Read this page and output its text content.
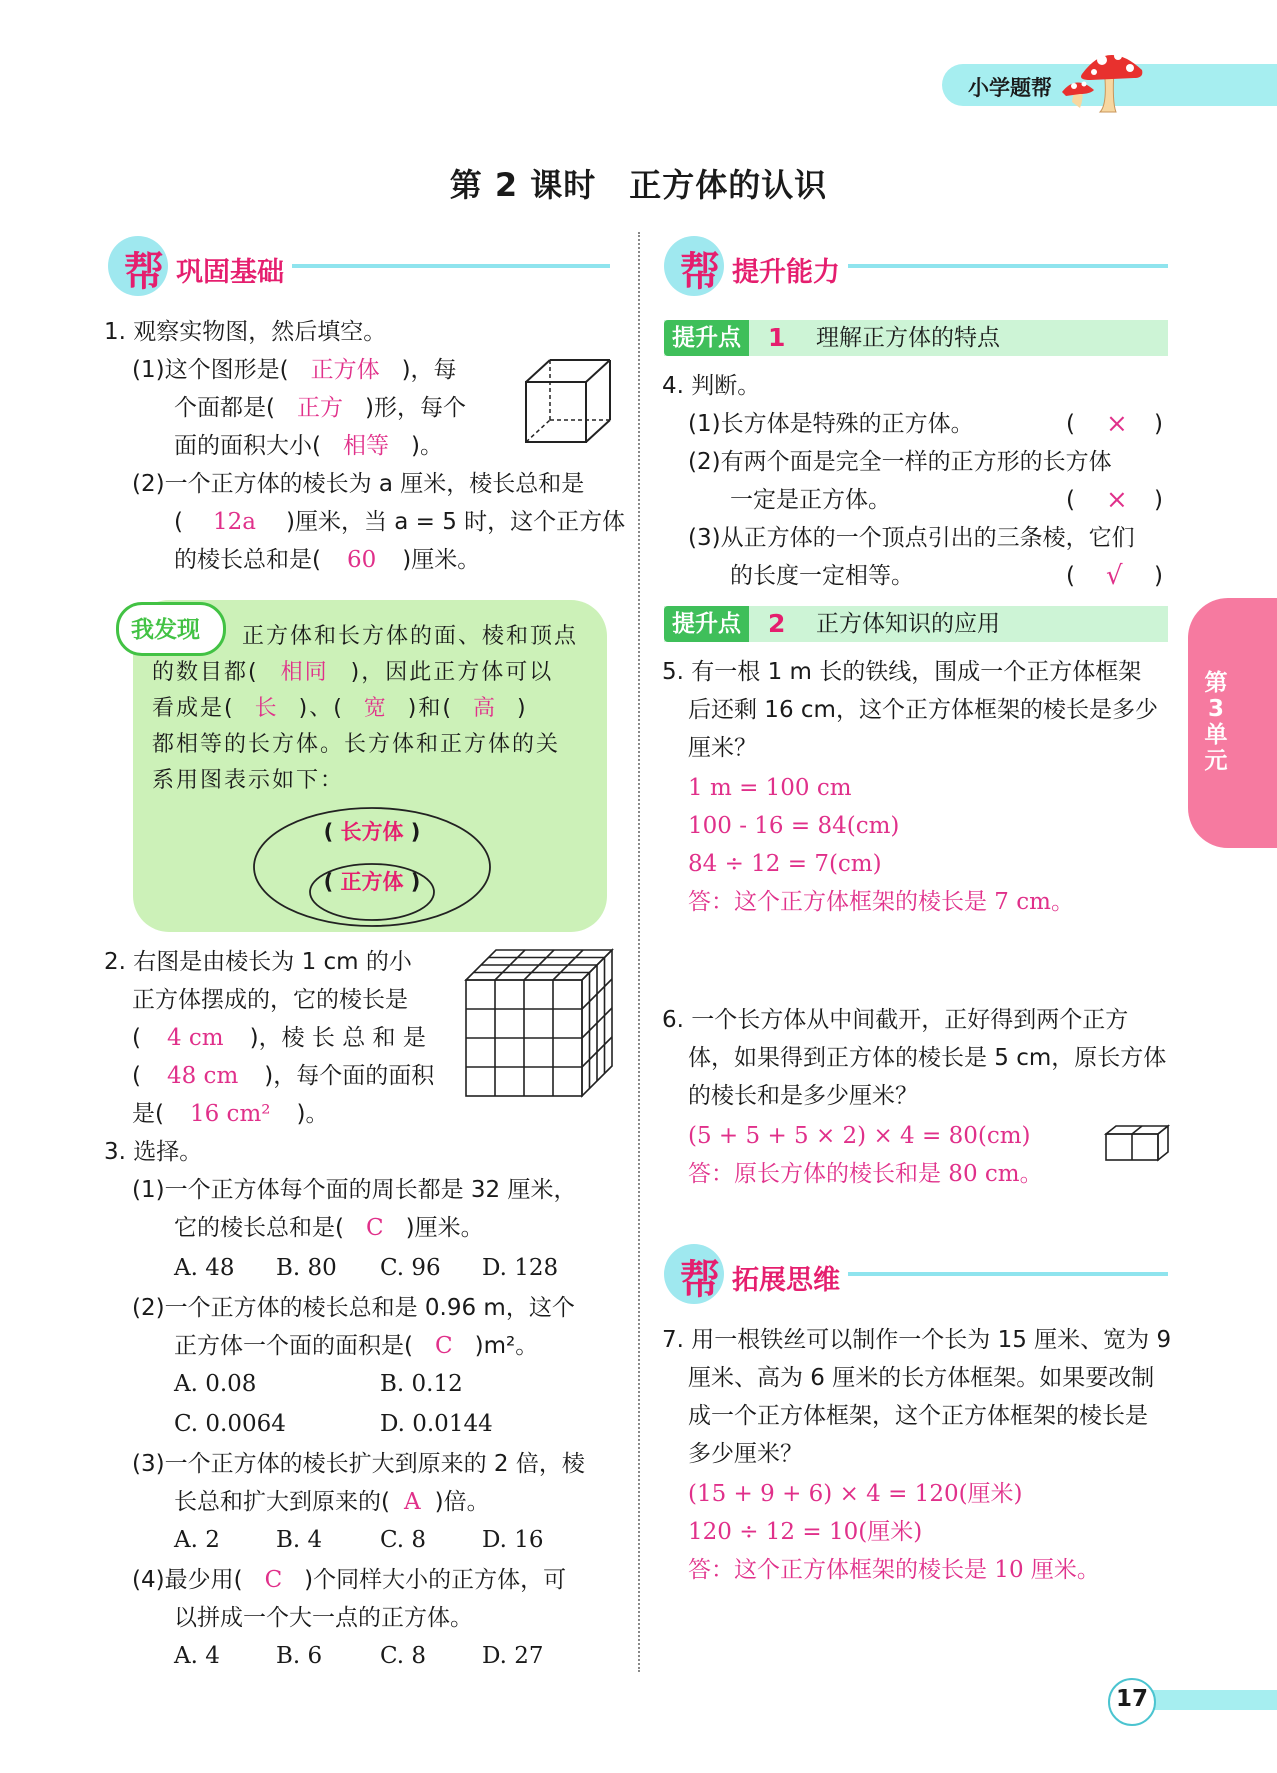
小学题帮
第 2 课时　正方体的认识
帮 巩固基础
1. 观察实物图，然后填空。
(1)这个图形是( 正方体 )，每
个面都是( 正方 )形，每个
面的面积大小( 相等 )。
(2)一个正方体的棱长为 a 厘米，棱长总和是
( 12a )厘米，当 a = 5 时，这个正方体
的棱长总和是( 60 )厘米。
我发现 正方体和长方体的面、棱和顶点
的数目都( 相同 )，因此正方体可以
看成是( 长 )、( 宽 )和( 高 )
都相等的长方体。长方体和正方体的关
系用图表示如下：
( 长方体 )
( 正方体 )
2. 右图是由棱长为 1 cm 的小
正方体摆成的，它的棱长是
( 4 cm )，棱 长 总 和 是
( 48 cm )，每个面的面积
是( 16 cm² )。
3. 选择。
(1)一个正方体每个面的周长都是 32 厘米，
它的棱长总和是( C )厘米。
A. 48 B. 80 C. 96 D. 128
(2)一个正方体的棱长总和是 0.96 m，这个
正方体一个面的面积是( C )m²。
A. 0.08	B. 0.12
C. 0.0064	D. 0.0144
(3)一个正方体的棱长扩大到原来的 2 倍，棱
长总和扩大到原来的( A )倍。
A. 2 B. 4	C. 8 D. 16
(4)最少用( C )个同样大小的正方体，可
以拼成一个大一点的正方体。
A. 4 B. 6	C. 8 D. 27
帮 提升能力
提升点	1 理解正方体的特点
4. 判断。
(1)长方体是特殊的正方体。	( × )
(2)有两个面是完全一样的正方形的长方体
一定是正方体。	( × )
(3)从正方体的一个顶点引出的三条棱，它们
的长度一定相等。	( √ )
提升点	2 正方体知识的应用
5. 有一根 1 m 长的铁线，围成一个正方体框架
后还剩 16 cm，这个正方体框架的棱长是多少
厘米？
1 m = 100 cm
100 - 16 = 84(cm)
84 ÷ 12 = 7(cm)
答：这个正方体框架的棱长是 7 cm。
6. 一个长方体从中间截开，正好得到两个正方
体，如果得到正方体的棱长是 5 cm，原长方体
的棱长和是多少厘米？
(5 + 5 + 5 × 2) × 4 = 80(cm)
答：原长方体的棱长和是 80 cm。
帮 拓展思维
7. 用一根铁丝可以制作一个长为 15 厘米、宽为 9
厘米、高为 6 厘米的长方体框架。如果要改制
成一个正方体框架，这个正方体框架的棱长是
多少厘米？
(15 + 9 + 6) × 4 = 120(厘米)
120 ÷ 12 = 10(厘米)
答：这个正方体框架的棱长是 10 厘米。
第3单元
17
